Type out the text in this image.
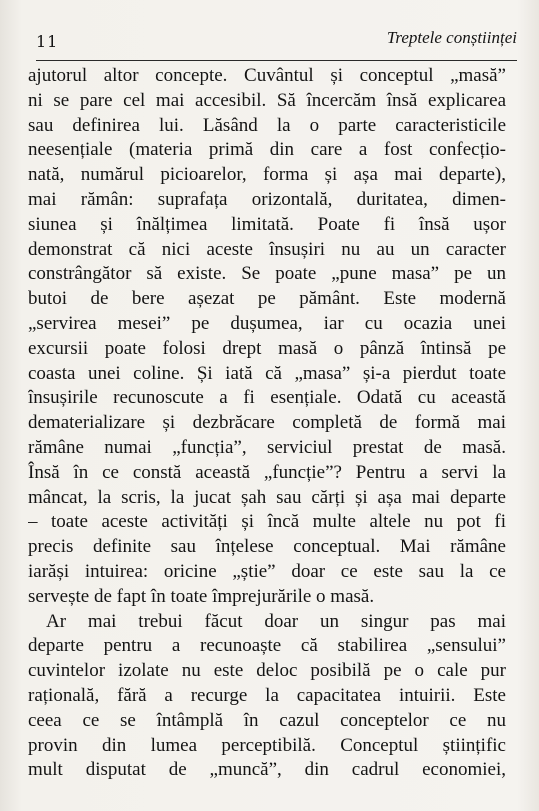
11	Treptele conștiinței
ajutorul altor concepte. Cuvântul și conceptul „masă”
ni se pare cel mai accesibil. Să încercăm însă explicarea
sau definirea lui. Lăsând la o parte caracteristicile
neesențiale (materia primă din care a fost confecțio-
nată, numărul picioarelor, forma și așa mai departe),
mai rămân: suprafața orizontală, duritatea, dimen-
siunea și înălțimea limitată. Poate fi însă ușor
demonstrat că nici aceste însușiri nu au un caracter
constrângător să existe. Se poate „pune masa” pe un
butoi de bere așezat pe pământ. Este modernă
„servirea mesei” pe dușumea, iar cu ocazia unei
excursii poate folosi drept masă o pânză întinsă pe
coasta unei coline. Și iată că „masa” și-a pierdut toate
însușirile recunoscute a fi esențiale. Odată cu această
dematerializare și dezbrăcare completă de formă mai
rămâne numai „funcția”, serviciul prestat de masă.
Însă în ce constă această „funcție”? Pentru a servi la
mâncat, la scris, la jucat șah sau cărți și așa mai departe
– toate aceste activități și încă multe altele nu pot fi
precis definite sau înțelese conceptual. Mai rămâne
iarăși intuirea: oricine „știe” doar ce este sau la ce
servește de fapt în toate împrejurările o masă.
Ar mai trebui făcut doar un singur pas mai
departe pentru a recunoaște că stabilirea „sensului”
cuvintelor izolate nu este deloc posibilă pe o cale pur
rațională, fără a recurge la capacitatea intuirii. Este
ceea ce se întâmplă în cazul conceptelor ce nu
provin din lumea perceptibilă. Conceptul științific
mult disputat de „muncă”, din cadrul economiei,
